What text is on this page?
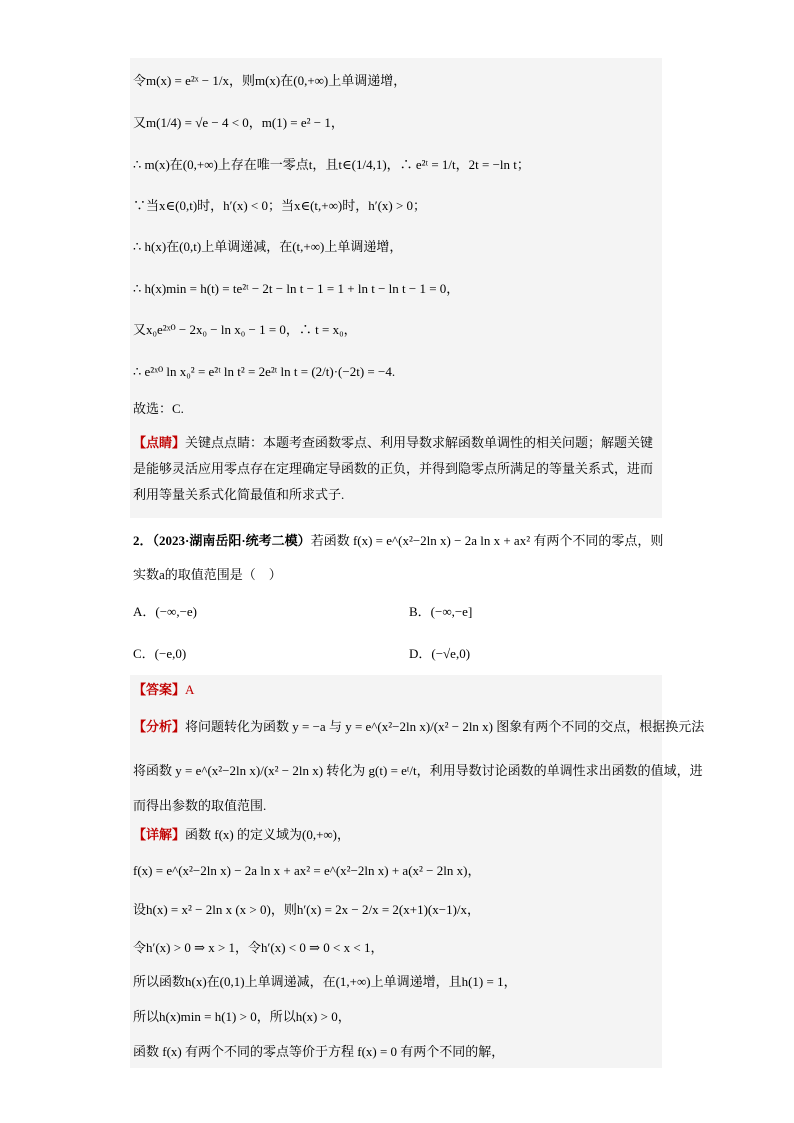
令m(x) = e²ˣ − 1/x，则m(x)在(0,+∞)上单调递增，
又m(1/4) = √e − 4 < 0，m(1) = e² − 1，
∴ m(x)在(0,+∞)上存在唯一零点t，且t∈(1/4,1)，∴ e²ᵗ = 1/t，2t = −ln t；
∵当x∈(0,t)时，h′(x) < 0；当x∈(t,+∞)时，h′(x) > 0；
∴ h(x)在(0,t)上单调递减，在(t,+∞)上单调递增，
∴ h(x)min = h(t) = te²ᵗ − 2t − ln t − 1 = 1 + ln t − ln t − 1 = 0，
又x₀e²ˣ⁰ − 2x₀ − ln x₀ − 1 = 0，∴ t = x₀，
∴ e²ˣ⁰ ln x₀² = e²ᵗ ln t² = 2e²ᵗ ln t = (2/t)·(−2t) = −4.
故选：C.
【点睛】关键点点睛：本题考查函数零点、利用导数求解函数单调性的相关问题；解题关键是能够灵活应用零点存在定理确定导函数的正负，并得到隐零点所满足的等量关系式，进而利用等量关系式化简最值和所求式子.
2．（2023·湖南岳阳·统考二模）若函数 f(x) = e^(x²−2ln x) − 2a ln x + ax² 有两个不同的零点，则
实数a的取值范围是（　）
A．(−∞,−e)	B．(−∞,−e]
C．(−e,0)	D．(−√e,0)
【答案】A
【分析】将问题转化为函数 y = −a 与 y = e^(x²−2ln x)/(x² − 2ln x) 图象有两个不同的交点，根据换元法
将函数 y = e^(x²−2ln x)/(x² − 2ln x) 转化为 g(t) = eᵗ/t，利用导数讨论函数的单调性求出函数的值域，进
而得出参数的取值范围.
【详解】函数 f(x) 的定义域为(0,+∞)，
f(x) = e^(x²−2ln x) − 2a ln x + ax² = e^(x²−2ln x) + a(x² − 2ln x)，
设h(x) = x² − 2ln x (x > 0)，则h′(x) = 2x − 2/x = 2(x+1)(x−1)/x，
令h′(x) > 0 ⇒ x > 1，令h′(x) < 0 ⇒ 0 < x < 1，
所以函数h(x)在(0,1)上单调递减，在(1,+∞)上单调递增，且h(1) = 1，
所以h(x)min = h(1) > 0，所以h(x) > 0，
函数 f(x) 有两个不同的零点等价于方程 f(x) = 0 有两个不同的解，
